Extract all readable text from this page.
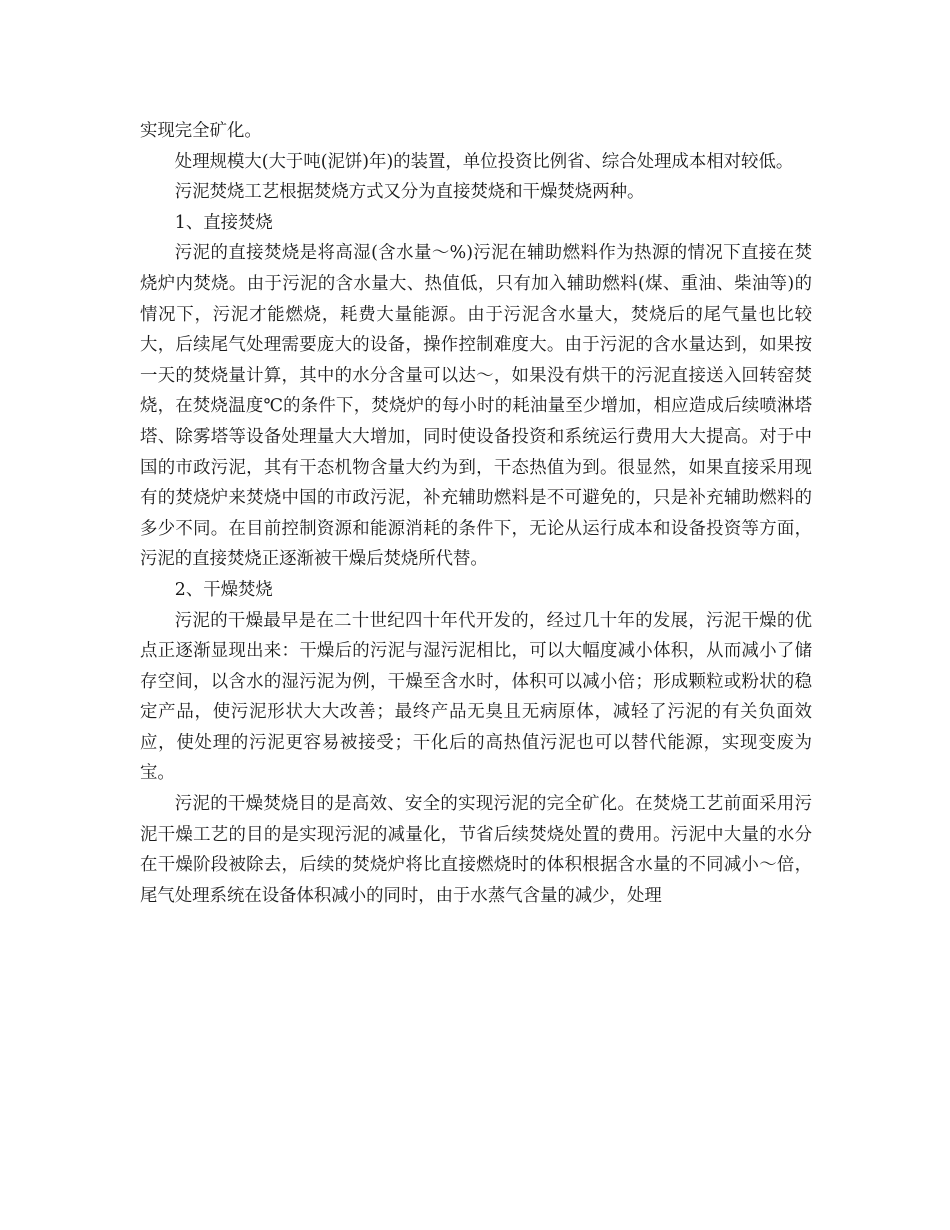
实现完全矿化。

处理规模大(大于吨(泥饼)年)的装置，单位投资比例省、综合处理成本相对较低。

污泥焚烧工艺根据焚烧方式又分为直接焚烧和干燥焚烧两种。

1、直接焚烧

污泥的直接焚烧是将高湿(含水量～%)污泥在辅助燃料作为热源的情况下直接在焚烧炉内焚烧。由于污泥的含水量大、热值低，只有加入辅助燃料(煤、重油、柴油等)的情况下，污泥才能燃烧，耗费大量能源。由于污泥含水量大，焚烧后的尾气量也比较大，后续尾气处理需要庞大的设备，操作控制难度大。由于污泥的含水量达到，如果按一天的焚烧量计算，其中的水分含量可以达～，如果没有烘干的污泥直接送入回转窑焚烧，在焚烧温度℃的条件下，焚烧炉的每小时的耗油量至少增加，相应造成后续喷淋塔塔、除雾塔等设备处理量大大增加，同时使设备投资和系统运行费用大大提高。对于中国的市政污泥，其有干态机物含量大约为到，干态热值为到。很显然，如果直接采用现有的焚烧炉来焚烧中国的市政污泥，补充辅助燃料是不可避免的，只是补充辅助燃料的多少不同。在目前控制资源和能源消耗的条件下，无论从运行成本和设备投资等方面，污泥的直接焚烧正逐渐被干燥后焚烧所代替。

2、干燥焚烧

污泥的干燥最早是在二十世纪四十年代开发的，经过几十年的发展，污泥干燥的优点正逐渐显现出来：干燥后的污泥与湿污泥相比，可以大幅度减小体积，从而减小了储存空间，以含水的湿污泥为例，干燥至含水时，体积可以减小倍；形成颗粒或粉状的稳定产品，使污泥形状大大改善；最终产品无臭且无病原体，减轻了污泥的有关负面效应，使处理的污泥更容易被接受；干化后的高热值污泥也可以替代能源，实现变废为宝。

污泥的干燥焚烧目的是高效、安全的实现污泥的完全矿化。在焚烧工艺前面采用污泥干燥工艺的目的是实现污泥的减量化，节省后续焚烧处置的费用。污泥中大量的水分在干燥阶段被除去，后续的焚烧炉将比直接燃烧时的体积根据含水量的不同减小～倍，尾气处理系统在设备体积减小的同时，由于水蒸气含量的减少，处理
